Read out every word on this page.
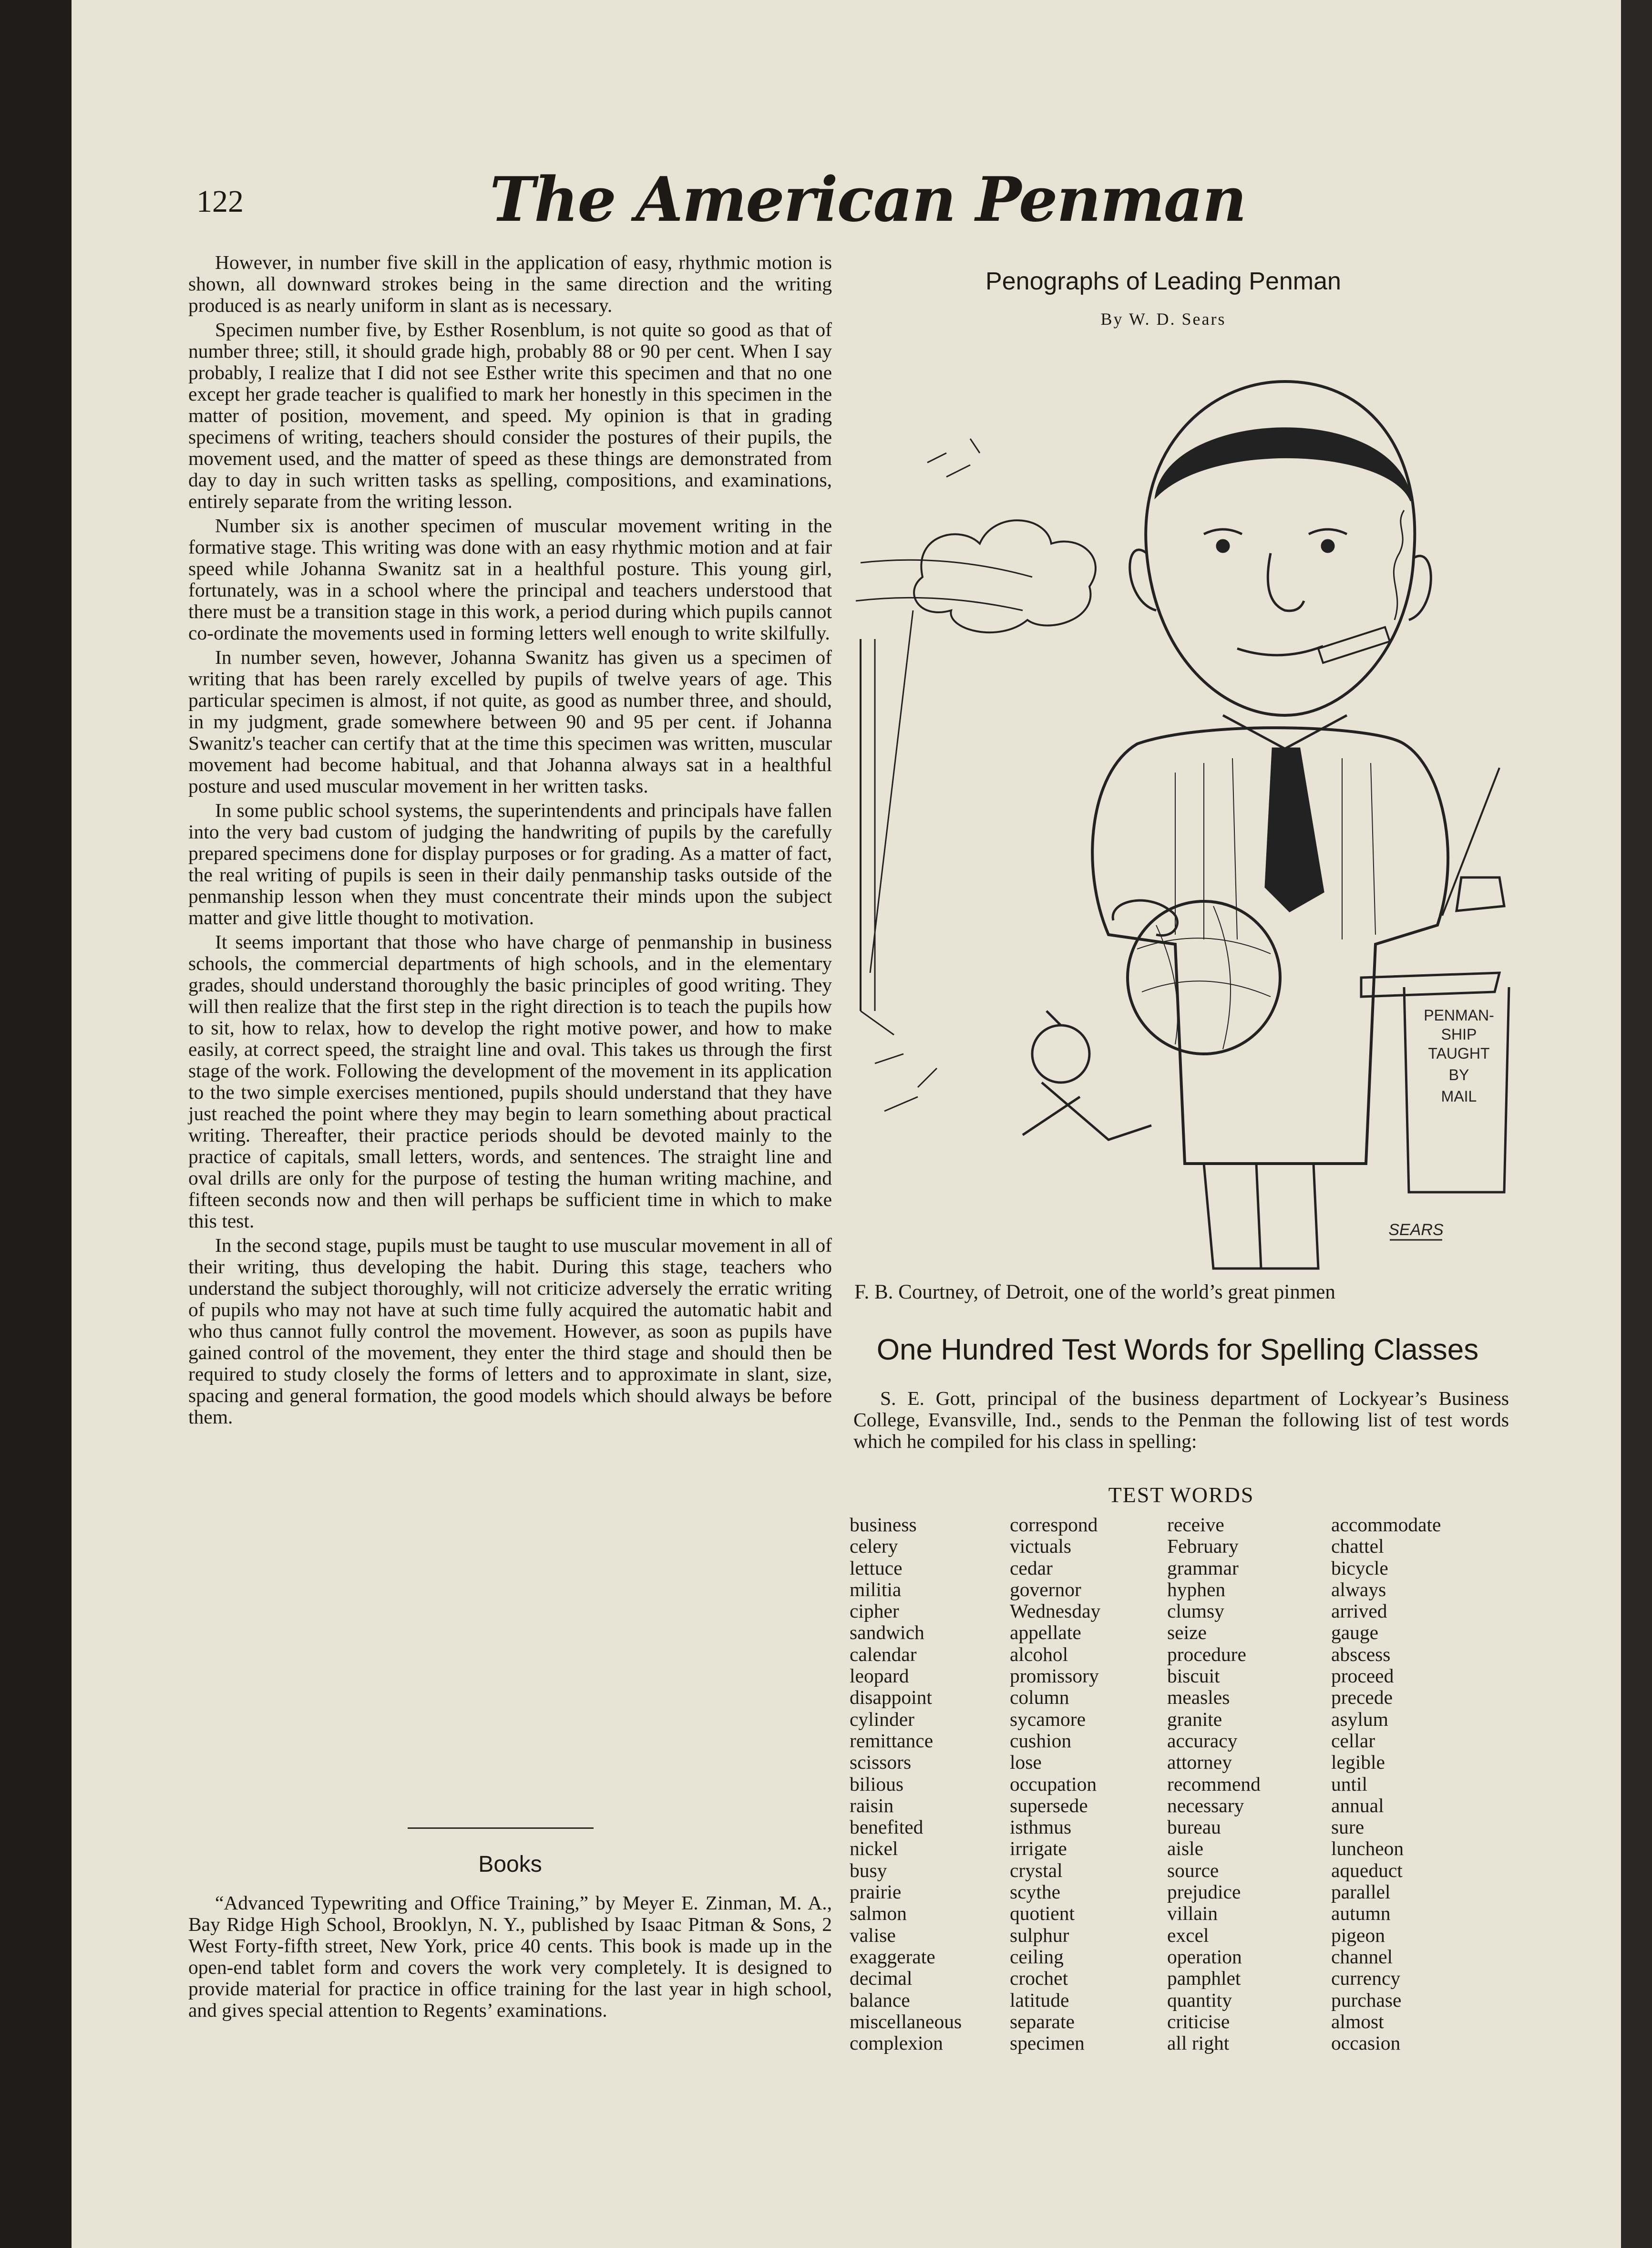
122	The American Penman

However, in number five skill in the application of easy, rhythmic motion is shown, all downward strokes being in the same direction and the writing produced is as nearly uniform in slant as is necessary.

Specimen number five, by Esther Rosenblum, is not quite so good as that of number three; still, it should grade high, probably 88 or 90 per cent. When I say probably, I realize that I did not see Esther write this specimen and that no one except her grade teacher is qualified to mark her honestly in this specimen in the matter of position, movement, and speed. My opinion is that in grading specimens of writing, teachers should consider the postures of their pupils, the movement used, and the matter of speed as these things are demonstrated from day to day in such written tasks as spelling, compositions, and examinations, entirely separate from the writing lesson.

Number six is another specimen of muscular movement writing in the formative stage. This writing was done with an easy rhythmic motion and at fair speed while Johanna Swanitz sat in a healthful posture. This young girl, fortunately, was in a school where the principal and teachers understood that there must be a transition stage in this work, a period during which pupils cannot co-ordinate the movements used in forming letters well enough to write skilfully.

In number seven, however, Johanna Swanitz has given us a specimen of writing that has been rarely excelled by pupils of twelve years of age. This particular specimen is almost, if not quite, as good as number three, and should, in my judgment, grade somewhere between 90 and 95 per cent. if Johanna Swanitz's teacher can certify that at the time this specimen was written, muscular movement had become habitual, and that Johanna always sat in a healthful posture and used muscular movement in her written tasks.

In some public school systems, the superintendents and principals have fallen into the very bad custom of judging the handwriting of pupils by the carefully prepared specimens done for display purposes or for grading. As a matter of fact, the real writing of pupils is seen in their daily penmanship tasks outside of the penmanship lesson when they must concentrate their minds upon the subject matter and give little thought to motivation.

It seems important that those who have charge of penmanship in business schools, the commercial departments of high schools, and in the elementary grades, should understand thoroughly the basic principles of good writing. They will then realize that the first step in the right direction is to teach the pupils how to sit, how to relax, how to develop the right motive power, and how to make easily, at correct speed, the straight line and oval. This takes us through the first stage of the work. Following the development of the movement in its application to the two simple exercises mentioned, pupils should understand that they have just reached the point where they may begin to learn something about practical writing. Thereafter, their practice periods should be devoted mainly to the practice of capitals, small letters, words, and sentences. The straight line and oval drills are only for the purpose of testing the human writing machine, and fifteen seconds now and then will perhaps be sufficient time in which to make this test.

In the second stage, pupils must be taught to use muscular movement in all of their writing, thus developing the habit. During this stage, teachers who understand the subject thoroughly, will not criticize adversely the erratic writing of pupils who may not have at such time fully acquired the automatic habit and who thus cannot fully control the movement. However, as soon as pupils have gained control of the movement, they enter the third stage and should then be required to study closely the forms of letters and to approximate in slant, size, spacing and general formation, the good models which should always be before them.

Books

“Advanced Typewriting and Office Training,” by Meyer E. Zinman, M. A., Bay Ridge High School, Brooklyn, N. Y., published by Isaac Pitman & Sons, 2 West Forty-fifth street, New York, price 40 cents. This book is made up in the open-end tablet form and covers the work very completely. It is designed to provide material for practice in office training for the last year in high school, and gives special attention to Regents’ examinations.

Penographs of Leading Penman
By W. D. Sears
PENMAN-
SHIP
TAUGHT
BY
MAIL
SEARS
F. B. Courtney, of Detroit, one of the world’s great pinmen
One Hundred Test Words for Spelling Classes

S. E. Gott, principal of the business department of Lockyear’s Business College, Evansville, Ind., sends to the Penman the following list of test words which he compiled for his class in spelling:

TEST WORDS
business
celery
lettuce
militia
cipher
sandwich
calendar
leopard
disappoint
cylinder
remittance
scissors
bilious
raisin
benefited
nickel
busy
prairie
salmon
valise
exaggerate
decimal
balance
miscellaneous
complexion
correspond
victuals
cedar
governor
Wednesday
appellate
alcohol
promissory
column
sycamore
cushion
lose
occupation
supersede
isthmus
irrigate
crystal
scythe
quotient
sulphur
ceiling
crochet
latitude
separate
specimen
receive
February
grammar
hyphen
clumsy
seize
procedure
biscuit
measles
granite
accuracy
attorney
recommend
necessary
bureau
aisle
source
prejudice
villain
excel
operation
pamphlet
quantity
criticise
all right
accommodate
chattel
bicycle
always
arrived
gauge
abscess
proceed
precede
asylum
cellar
legible
until
annual
sure
luncheon
aqueduct
parallel
autumn
pigeon
channel
currency
purchase
almost
occasion
